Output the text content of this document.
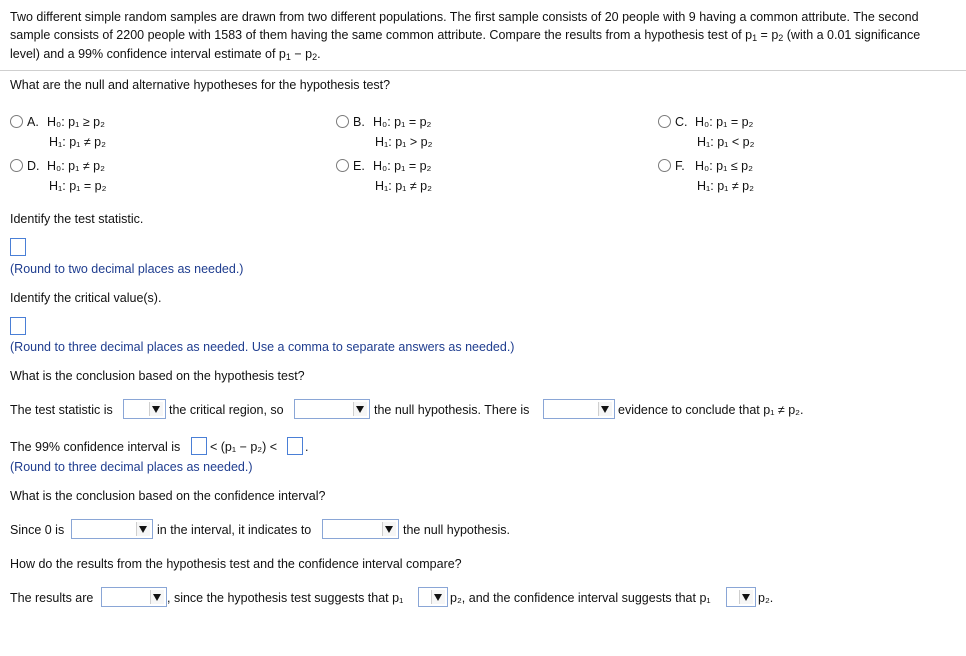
Two different simple random samples are drawn from two different populations. The first sample consists of 20 people with 9 having a common attribute. The second
sample consists of 2200 people with 1583 of them having the same common attribute. Compare the results from a hypothesis test of p1 = p2 (with a 0.01 significance
level) and a 99% confidence interval estimate of p1 − p2.
What are the null and alternative hypotheses for the hypothesis test?
A. H₀: p₁ ≥ p₂
H₁: p₁ ≠ p₂
B. H₀: p₁ = p₂
H₁: p₁ > p₂
C. H₀: p₁ = p₂
H₁: p₁ < p₂
D. H₀: p₁ ≠ p₂
H₁: p₁ = p₂
E. H₀: p₁ = p₂
H₁: p₁ ≠ p₂
F. H₀: p₁ ≤ p₂
H₁: p₁ ≠ p₂
Identify the test statistic.
(Round to two decimal places as needed.)
Identify the critical value(s).
(Round to three decimal places as needed. Use a comma to separate answers as needed.)
What is the conclusion based on the hypothesis test?
The test statistic is	the critical region, so	the null hypothesis. There is	evidence to conclude that p₁ ≠ p₂.
The 99% confidence interval is < (p₁ − p₂) < .
(Round to three decimal places as needed.)
What is the conclusion based on the confidence interval?
Since 0 is	in the interval, it indicates to	the null hypothesis.
How do the results from the hypothesis test and the confidence interval compare?
The results are	, since the hypothesis test suggests that p₁	p₂, and the confidence interval suggests that p₁	p₂.
